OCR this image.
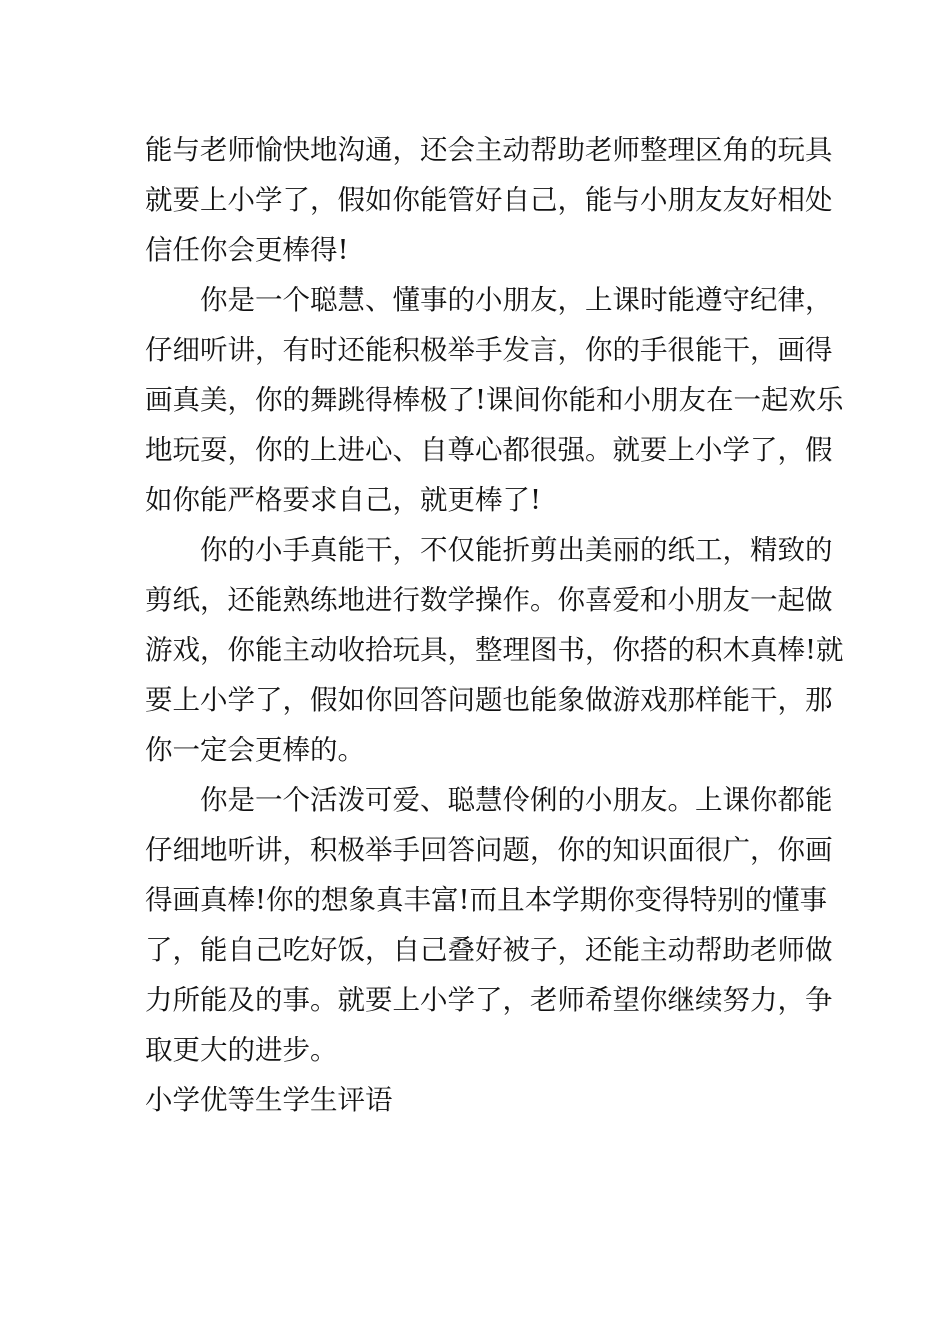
能与老师愉快地沟通，还会主动帮助老师整理区角的玩具
就要上小学了，假如你能管好自己，能与小朋友友好相处
信任你会更棒得!
你是一个聪慧、懂事的小朋友，上课时能遵守纪律，
仔细听讲，有时还能积极举手发言，你的手很能干，画得
画真美，你的舞跳得棒极了!课间你能和小朋友在一起欢乐
地玩耍，你的上进心、自尊心都很强。就要上小学了，假
如你能严格要求自己，就更棒了!
你的小手真能干，不仅能折剪出美丽的纸工，精致的
剪纸，还能熟练地进行数学操作。你喜爱和小朋友一起做
游戏，你能主动收拾玩具，整理图书，你搭的积木真棒!就
要上小学了，假如你回答问题也能象做游戏那样能干，那
你一定会更棒的。
你是一个活泼可爱、聪慧伶俐的小朋友。上课你都能
仔细地听讲，积极举手回答问题，你的知识面很广，你画
得画真棒!你的想象真丰富!而且本学期你变得特别的懂事
了，能自己吃好饭，自己叠好被子，还能主动帮助老师做
力所能及的事。就要上小学了，老师希望你继续努力，争
取更大的进步。
小学优等生学生评语
